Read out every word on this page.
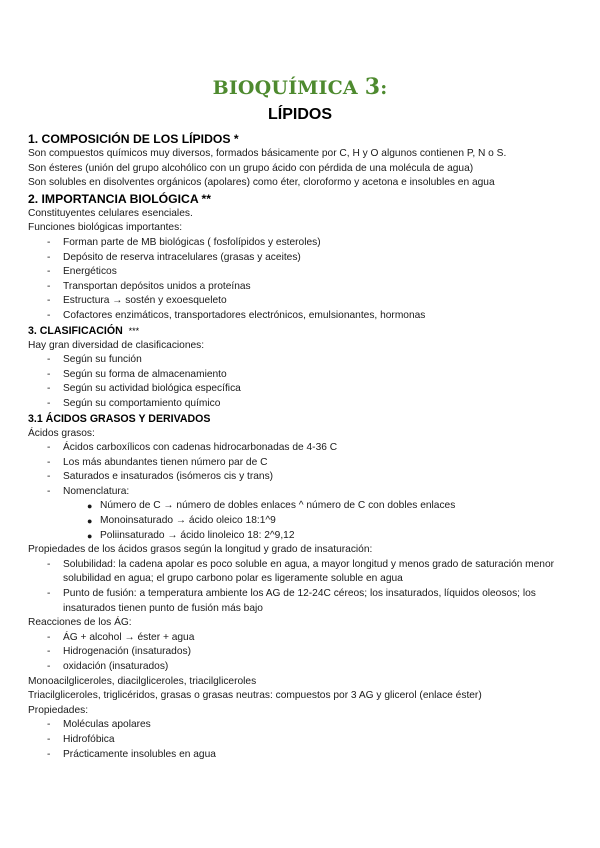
BIOQUÍMICA 3:
LÍPIDOS
1. COMPOSICIÓN DE LOS LÍPIDOS *
Son compuestos químicos muy diversos, formados básicamente por C, H y O algunos contienen P, N o S.
Son ésteres (unión del grupo alcohólico con un grupo ácido con pérdida de una molécula de agua)
Son solubles en disolventes orgánicos (apolares) como éter, cloroformo y acetona e insolubles en agua
2. IMPORTANCIA BIOLÓGICA **
Constituyentes celulares esenciales.
Funciones biológicas importantes:
- Forman parte de MB biológicas ( fosfolípidos y esteroles)
- Depósito de reserva intracelulares (grasas y aceites)
- Energéticos
- Transportan depósitos unidos a proteínas
- Estructura → sostén y exoesqueleto
- Cofactores enzimáticos, transportadores electrónicos, emulsionantes, hormonas
3. CLASIFICACIÓN ***
Hay gran diversidad de clasificaciones:
- Según su función
- Según su forma de almacenamiento
- Según su actividad biológica específica
- Según su comportamiento químico
3.1 ÁCIDOS GRASOS Y DERIVADOS
Ácidos grasos:
- Ácidos carboxílicos con cadenas hidrocarbonadas de 4-36 C
- Los más abundantes tienen número par de C
- Saturados e insaturados (isómeros cis y trans)
- Nomenclatura:
● Número de C → número de dobles enlaces ^ número de C con dobles enlaces
● Monoinsaturado → ácido oleico 18:1^9
● Poliinsaturado → ácido linoleico 18: 2^9,12
Propiedades de los ácidos grasos según la longitud y grado de insaturación:
- Solubilidad: la cadena apolar es poco soluble en agua, a mayor longitud y menos grado de saturación menor solubilidad en agua; el grupo carbono polar es ligeramente soluble en agua
- Punto de fusión: a temperatura ambiente los AG de 12-24C céreos; los insaturados, líquidos oleosos; los insaturados tienen punto de fusión más bajo
Reacciones de los ÁG:
- ÁG + alcohol → éster + agua
- Hidrogenación (insaturados)
- oxidación (insaturados)
Monoacilgliceroles, diacilgliceroles, triacilgliceroles
Triacilgliceroles, triglicéridos, grasas o grasas neutras: compuestos por 3 AG y glicerol (enlace éster)
Propiedades:
- Moléculas apolares
- Hidrofóbica
- Prácticamente insolubles en agua
